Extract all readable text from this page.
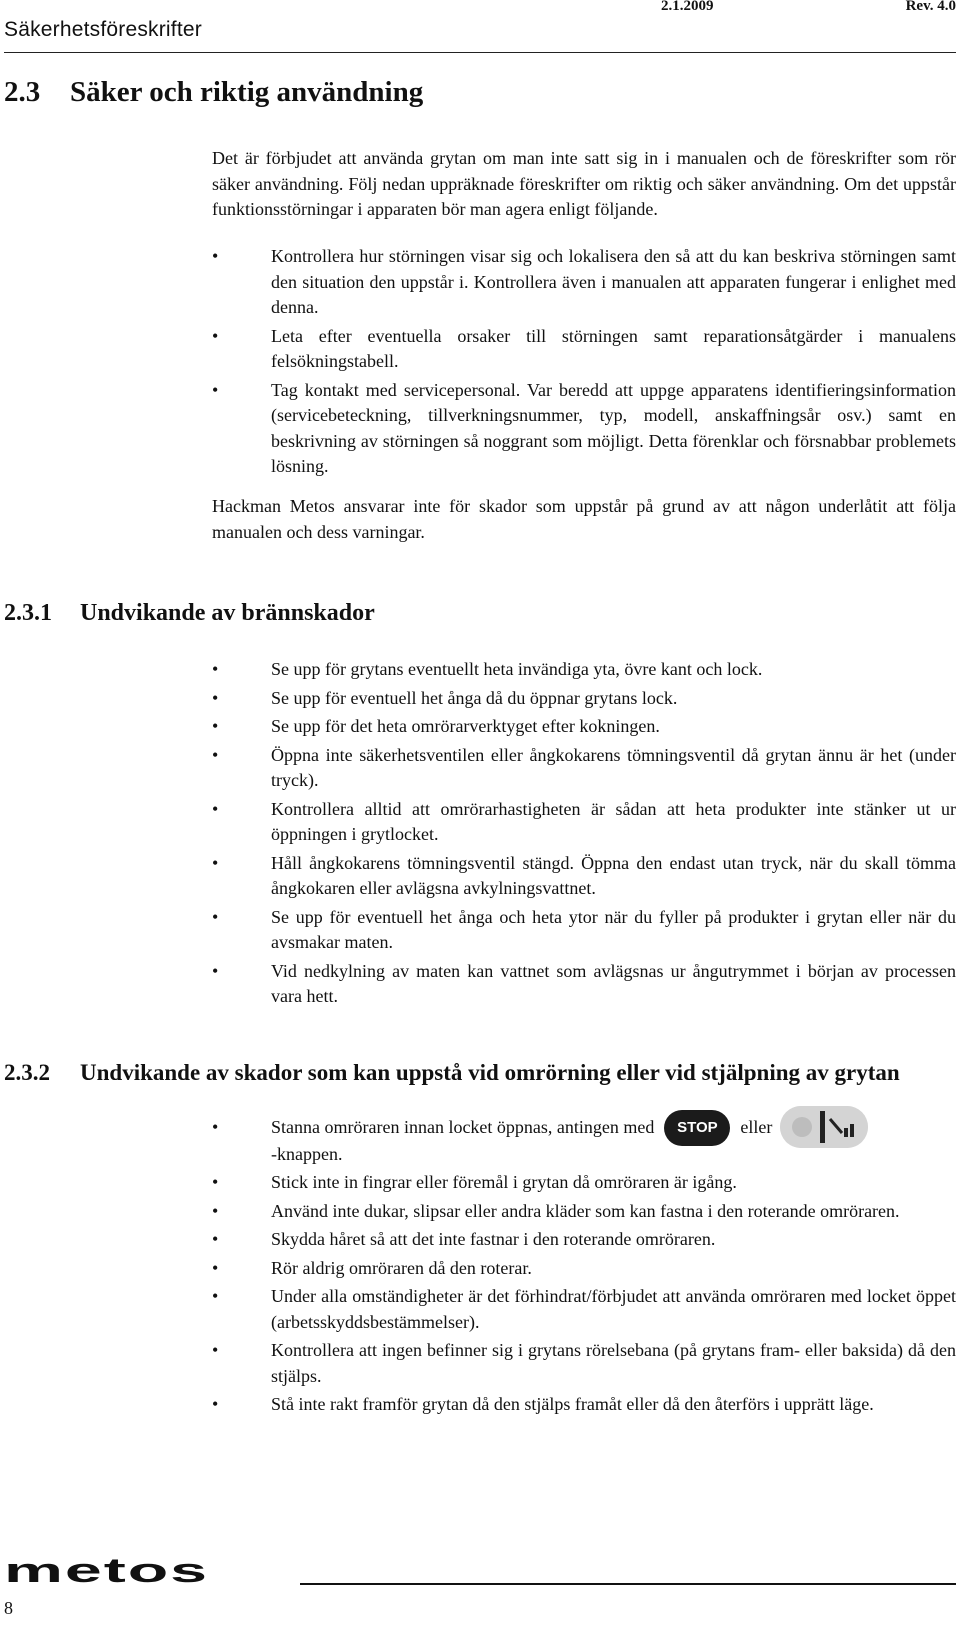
Säkerhetsföreskrifter
2.1.2009	Rev. 4.0
2.3 Säker och riktig användning

Det är förbjudet att använda grytan om man inte satt sig in i manualen och de föreskrifter som rör säker användning. Följ nedan uppräknade föreskrifter om riktig och säker användning. Om det uppstår funktionsstörningar i apparaten bör man agera enligt följande.

• Kontrollera hur störningen visar sig och lokalisera den så att du kan beskriva störningen samt den situation den uppstår i. Kontrollera även i manualen att apparaten fungerar i enlighet med denna.
• Leta efter eventuella orsaker till störningen samt reparationsåtgärder i manualens felsökningstabell.
• Tag kontakt med servicepersonal. Var beredd att uppge apparatens identifieringsinformation (servicebeteckning, tillverkningsnummer, typ, modell, anskaffningsår osv.) samt en beskrivning av störningen så noggrant som möjligt. Detta förenklar och försnabbar problemets lösning.

Hackman Metos ansvarar inte för skador som uppstår på grund av att någon underlåtit att följa manualen och dess varningar.

2.3.1 Undvikande av brännskador
• Se upp för grytans eventuellt heta invändiga yta, övre kant och lock.
• Se upp för eventuell het ånga då du öppnar grytans lock.
• Se upp för det heta omrörarverktyget efter kokningen.
• Öppna inte säkerhetsventilen eller ångkokarens tömningsventil då grytan ännu är het (under tryck).
• Kontrollera alltid att omrörarhastigheten är sådan att heta produkter inte stänker ut ur öppningen i grytlocket.
• Håll ångkokarens tömningsventil stängd. Öppna den endast utan tryck, när du skall tömma ångkokaren eller avlägsna avkylningsvattnet.
• Se upp för eventuell het ånga och heta ytor när du fyller på produkter i grytan eller när du avsmakar maten.
• Vid nedkylning av maten kan vattnet som avlägsnas ur ångutrymmet i början av processen vara hett.
2.3.2 Undvikande av skador som kan uppstå vid omrörning eller vid stjälpning av grytan
• Stanna omröraren innan locket öppnas, antingen med STOP eller
-knappen.
• Stick inte in fingrar eller föremål i grytan då omröraren är igång.
• Använd inte dukar, slipsar eller andra kläder som kan fastna i den roterande omröraren.
• Skydda håret så att det inte fastnar i den roterande omröraren.
• Rör aldrig omröraren då den roterar.
• Under alla omständigheter är det förhindrat/förbjudet att använda omröraren med locket öppet (arbetsskyddsbestämmelser).
• Kontrollera att ingen befinner sig i grytans rörelsebana (på grytans fram- eller baksida) då den stjälps.
• Stå inte rakt framför grytan då den stjälps framåt eller då den återförs i upprätt läge.
metos
8
